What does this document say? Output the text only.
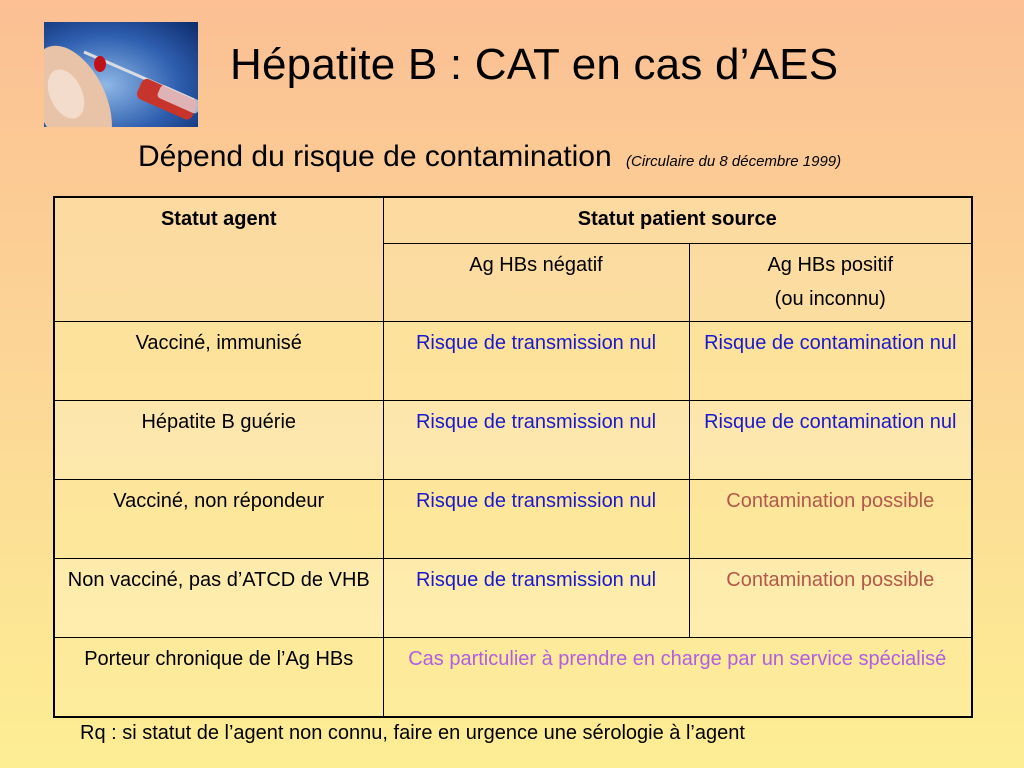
Hépatite B : CAT en cas d’AES
Dépend du risque de contamination (Circulaire du 8 décembre 1999)
Statut agent	Statut patient source	
	Ag HBs négatif	Ag HBs positif
(ou inconnu)
Vacciné, immunisé	Risque de transmission nul	Risque de contamination nul
Hépatite B guérie	Risque de transmission nul	Risque de contamination nul
Vacciné, non répondeur	Risque de transmission nul	Contamination possible
Non vacciné, pas d’ATCD de VHB	Risque de transmission nul	Contamination possible
Porteur chronique de l’Ag HBs	Cas particulier à prendre en charge par un service spécialisé	
Rq : si statut de l’agent non connu, faire en urgence une sérologie à l’agent
